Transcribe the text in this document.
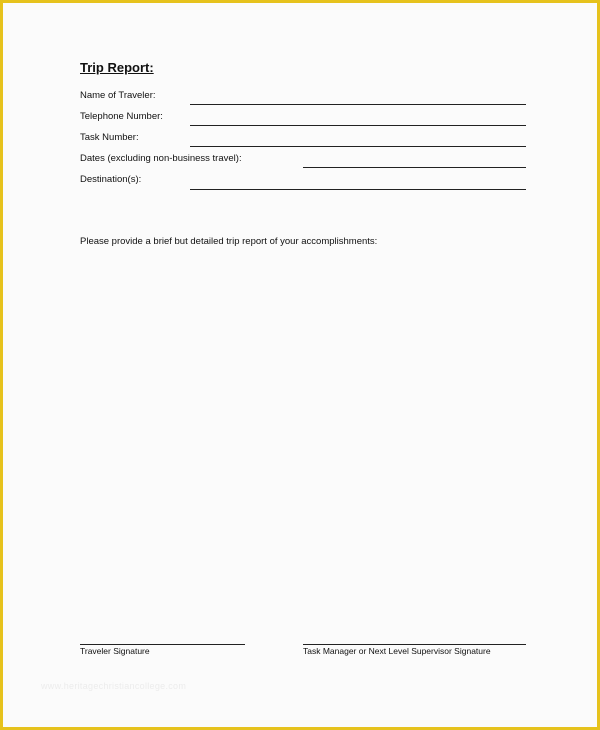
Trip Report:
Name of Traveler:
Telephone Number:
Task Number:
Dates (excluding non-business travel):
Destination(s):
Please provide a brief but detailed trip report of your accomplishments:
Traveler Signature	Task Manager or Next Level Supervisor Signature
www.heritagechristiancollege.com
